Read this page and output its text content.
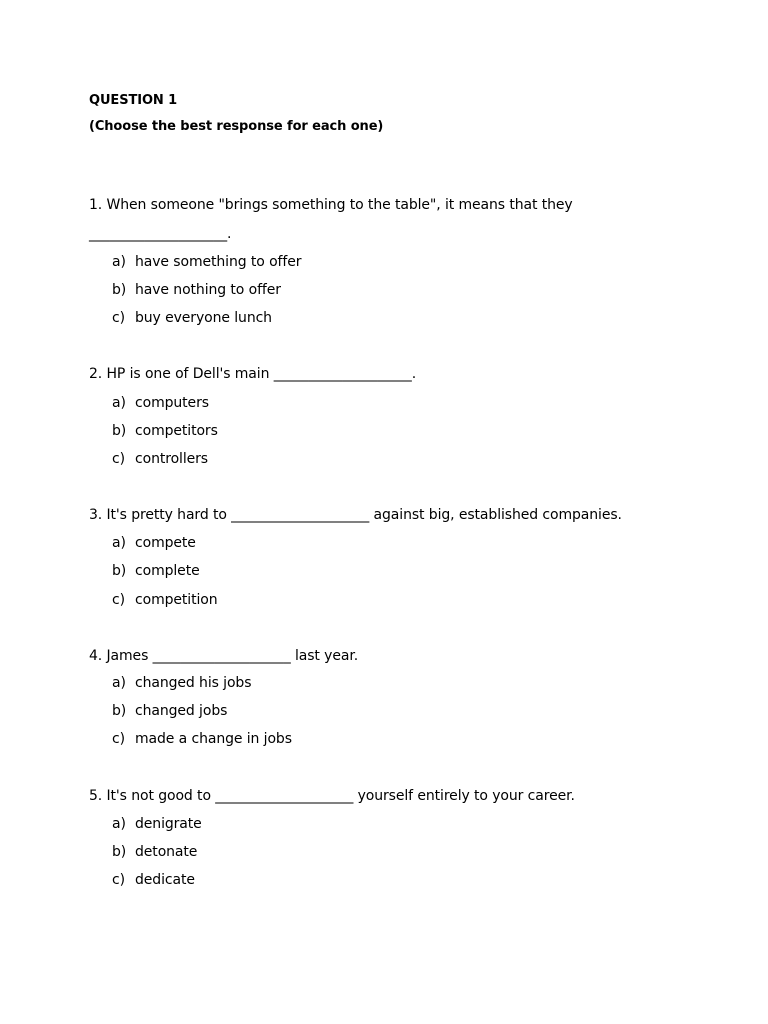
QUESTION 1
(Choose the best response for each one)
1. When someone "brings something to the table", it means that they
____________________.
a) have something to offer
b) have nothing to offer
c) buy everyone lunch
2. HP is one of Dell's main ____________________.
a) computers
b) competitors
c) controllers
3. It's pretty hard to ____________________ against big, established companies.
a) compete
b) complete
c) competition
4. James ____________________ last year.
a) changed his jobs
b) changed jobs
c) made a change in jobs
5. It's not good to ____________________ yourself entirely to your career.
a) denigrate
b) detonate
c) dedicate
